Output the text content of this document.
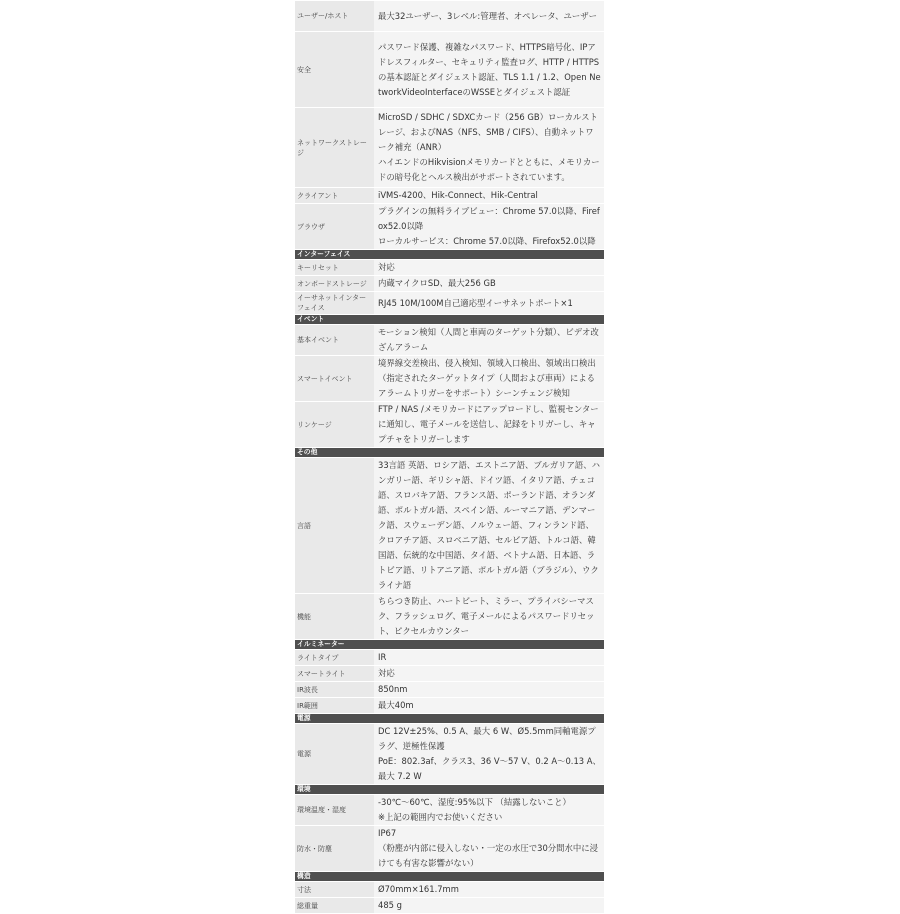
ユーザー/ホスト	最大32ユーザー、3レベル:管理者、オペレータ、ユーザー
安全	パスワード保護、複雑なパスワード、HTTPS暗号化、IPアドレスフィルター、セキュリティ監査ログ、HTTP / HTTPSの基本認証とダイジェスト認証、TLS 1.1 / 1.2、Open NetworkVideoInterfaceのWSSEとダイジェスト認証
ネットワークストレージ	MicroSD / SDHC / SDXCカード（256 GB）ローカルストレージ、およびNAS（NFS、SMB / CIFS）、自動ネットワーク補充（ANR）
ハイエンドのHikvisionメモリカードとともに、メモリカードの暗号化とヘルス検出がサポートされています。
クライアント	iVMS-4200、Hik-Connect、Hik-Central
ブラウザ	プラグインの無料ライブビュー：Chrome 57.0以降、Firefox52.0以降
ローカルサービス：Chrome 57.0以降、Firefox52.0以降
インターフェイス	
キーリセット	対応
オンボードストレージ	内蔵マイクロSD、最大256 GB
イーサネットインターフェイス	RJ45 10M/100M自己適応型イーサネットポート×1
イベント	
基本イベント	モーション検知（人間と車両のターゲット分類）、ビデオ改ざんアラーム
スマートイベント	境界線交差検出、侵入検知、領域入口検出、領域出口検出（指定されたターゲットタイプ（人間および車両）によるアラームトリガーをサポート）シーンチェンジ検知
リンケージ	FTP / NAS /メモリカードにアップロードし、監視センターに通知し、電子メールを送信し、記録をトリガーし、キャプチャをトリガーします
その他	
言語	33言語 英語、ロシア語、エストニア語、ブルガリア語、ハンガリー語、ギリシャ語、ドイツ語、イタリア語、チェコ語、スロバキア語、フランス語、ポーランド語、オランダ語、ポルトガル語、スペイン語、ルーマニア語、デンマーク語、スウェーデン語、ノルウェー語、フィンランド語、クロアチア語、スロベニア語、セルビア語、トルコ語、韓国語、伝統的な中国語、タイ語、ベトナム語、日本語、ラトビア語、リトアニア語、ポルトガル語（ブラジル）、ウクライナ語
機能	ちらつき防止、ハートビート、ミラー、プライバシーマスク、フラッシュログ、電子メールによるパスワードリセット、ピクセルカウンター
イルミネーター	
ライトタイプ	IR
スマートライト	対応
IR波長	850nm
IR範囲	最大40m
電源	
電源	DC 12V±25%、0.5 A、最大 6 W、Ø5.5mm同軸電源プラグ、逆極性保護
PoE：802.3af、クラス3、36 V～57 V、0.2 A～0.13 A、最大 7.2 W
環境	
環境温度・湿度	-30℃～60℃、湿度:95%以下 （結露しないこと）
※上記の範囲内でお使いください
防水・防塵	IP67
（粉塵が内部に侵入しない・一定の水圧で30分間水中に浸けても有害な影響がない）
構造	
寸法	Ø70mm×161.7mm
総重量	485 g
